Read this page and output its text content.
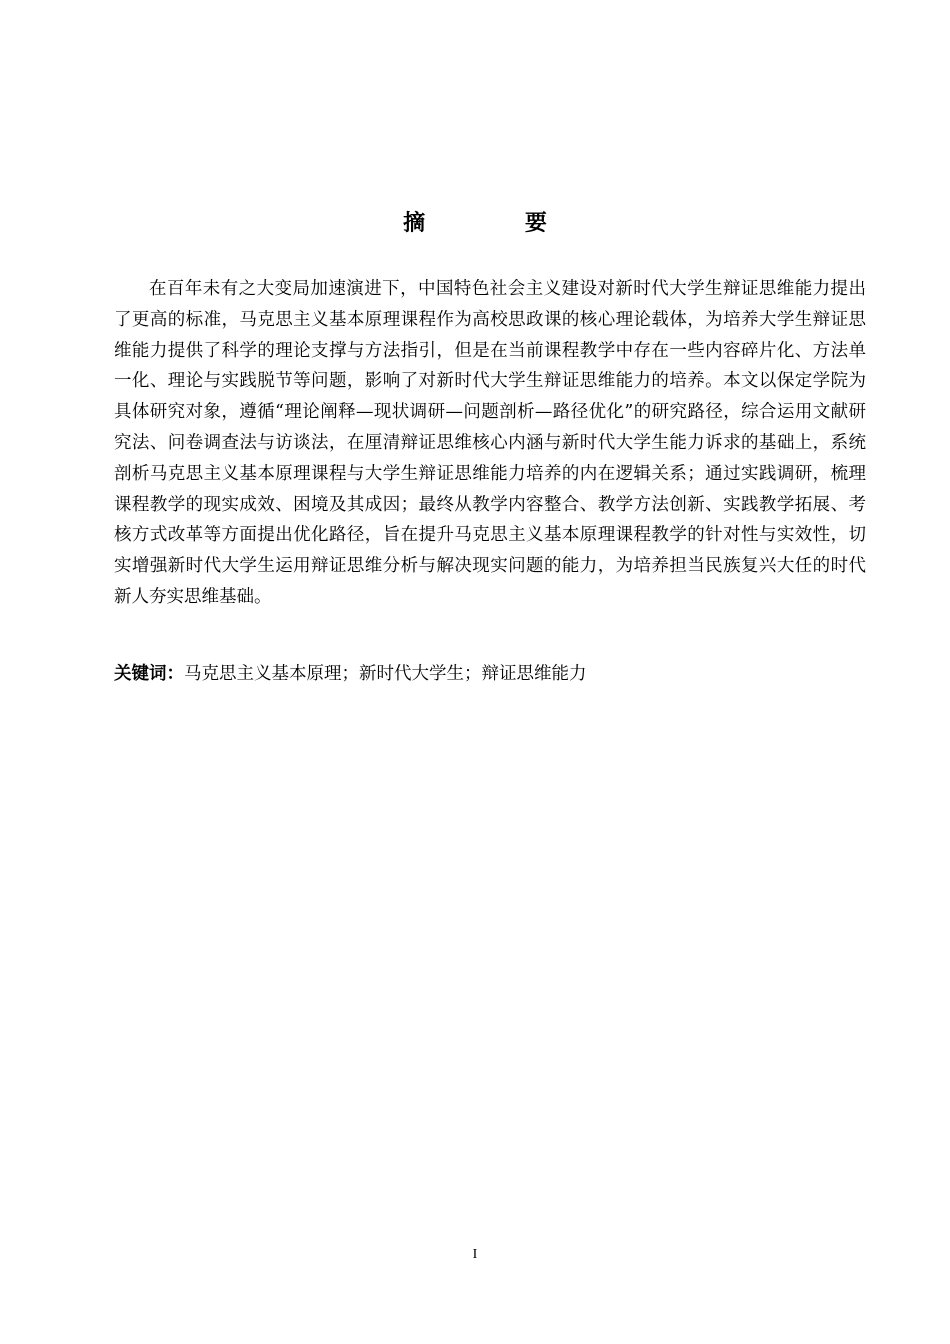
摘 要

在百年未有之大变局加速演进下，中国特色社会主义建设对新时代大学生辩证思维能力提出了更高的标准，马克思主义基本原理课程作为高校思政课的核心理论载体，为培养大学生辩证思维能力提供了科学的理论支撑与方法指引，但是在当前课程教学中存在一些内容碎片化、方法单一化、理论与实践脱节等问题，影响了对新时代大学生辩证思维能力的培养。本文以保定学院为具体研究对象，遵循“理论阐释—现状调研—问题剖析—路径优化”的研究路径，综合运用文献研究法、问卷调查法与访谈法，在厘清辩证思维核心内涵与新时代大学生能力诉求的基础上，系统剖析马克思主义基本原理课程与大学生辩证思维能力培养的内在逻辑关系；通过实践调研，梳理课程教学的现实成效、困境及其成因；最终从教学内容整合、教学方法创新、实践教学拓展、考核方式改革等方面提出优化路径，旨在提升马克思主义基本原理课程教学的针对性与实效性，切实增强新时代大学生运用辩证思维分析与解决现实问题的能力，为培养担当民族复兴大任的时代新人夯实思维基础。

关键词：马克思主义基本原理；新时代大学生；辩证思维能力

I
